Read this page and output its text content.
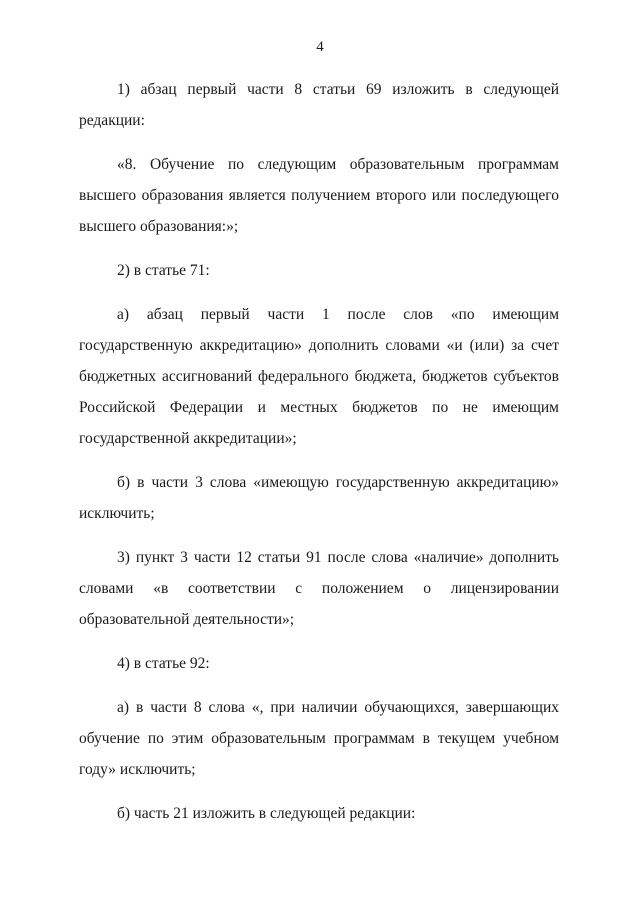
4

1) абзац первый части 8 статьи 69 изложить в следующей редакции:

«8. Обучение по следующим образовательным программам высшего образования является получением второго или последующего высшего образования:»;

2) в статье 71:

а) абзац первый части 1 после слов «по имеющим государственную аккредитацию» дополнить словами «и (или) за счет бюджетных ассигнований федерального бюджета, бюджетов субъектов Российской Федерации и местных бюджетов по не имеющим государственной аккредитации»;

б) в части 3 слова «имеющую государственную аккредитацию» исключить;

3) пункт 3 части 12 статьи 91 после слова «наличие» дополнить словами «в соответствии с положением о лицензировании образовательной деятельности»;

4) в статье 92:

а) в части 8 слова «, при наличии обучающихся, завершающих обучение по этим образовательным программам в текущем учебном году» исключить;

б) часть 21 изложить в следующей редакции:
